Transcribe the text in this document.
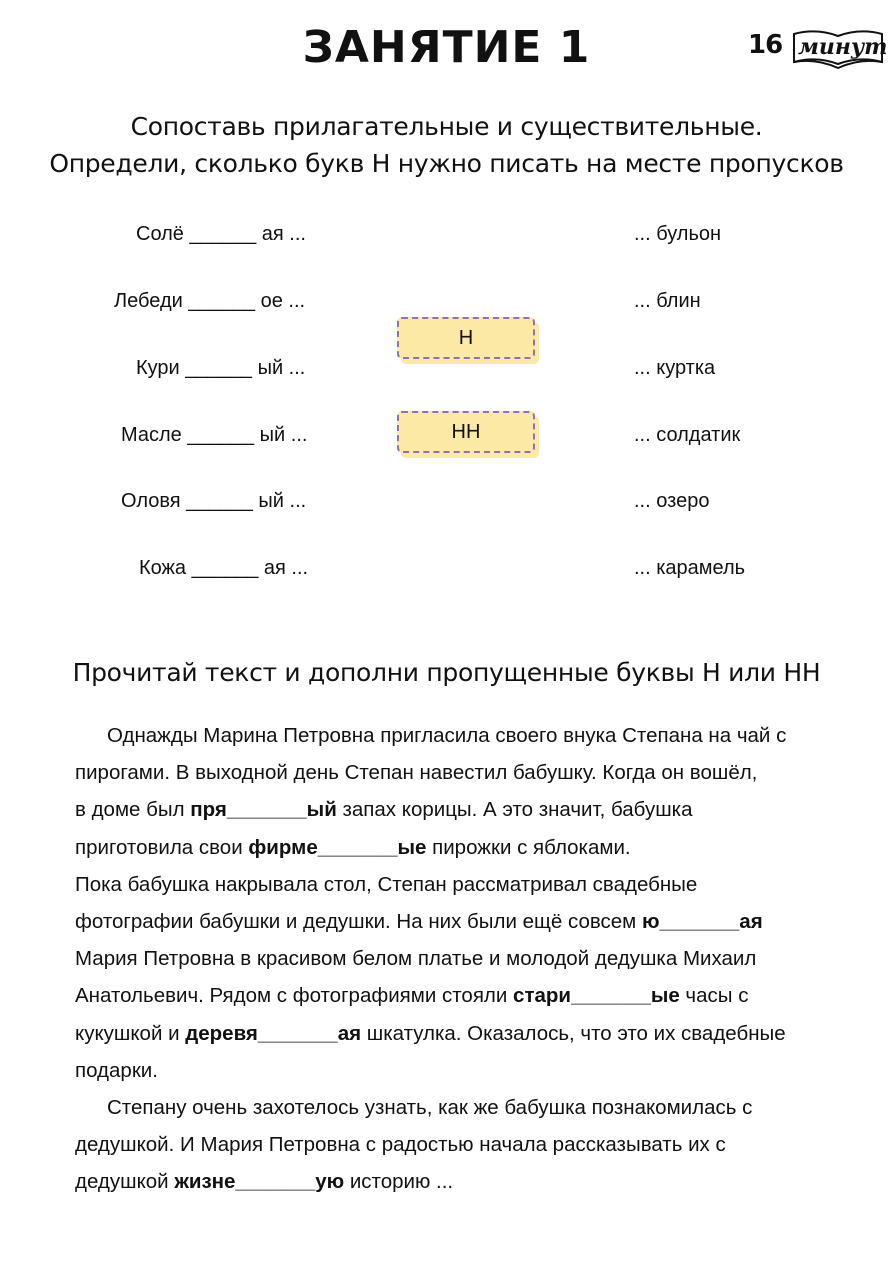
ЗАНЯТИЕ 1	16 минут
Сопоставь прилагательные и существительные.
Определи, сколько букв Н нужно писать на месте пропусков
Солё ______ ая ...
Лебеди ______ ое ...
Кури ______ ый ...
Масле ______ ый ...
Оловя ______ ый ...
Кожа ______ ая ...
... бульон
... блин
... куртка
... солдатик
... озеро
... карамель
Н
НН
Прочитай текст и дополни пропущенные буквы Н или НН
Однажды Марина Петровна пригласила своего внука Степана на чай с
пирогами. В выходной день Степан навестил бабушку. Когда он вошёл,
в доме был пря_______ый запах корицы. А это значит, бабушка
приготовила свои фирме_______ые пирожки с яблоками.
Пока бабушка накрывала стол, Степан рассматривал свадебные
фотографии бабушки и дедушки. На них были ещё совсем ю_______ая
Мария Петровна в красивом белом платье и молодой дедушка Михаил
Анатольевич. Рядом с фотографиями стояли стари_______ые часы с
кукушкой и деревя_______ая шкатулка. Оказалось, что это их свадебные
подарки.
Степану очень захотелось узнать, как же бабушка познакомилась с
дедушкой. И Мария Петровна с радостью начала рассказывать их с
дедушкой жизне_______ую историю ...
